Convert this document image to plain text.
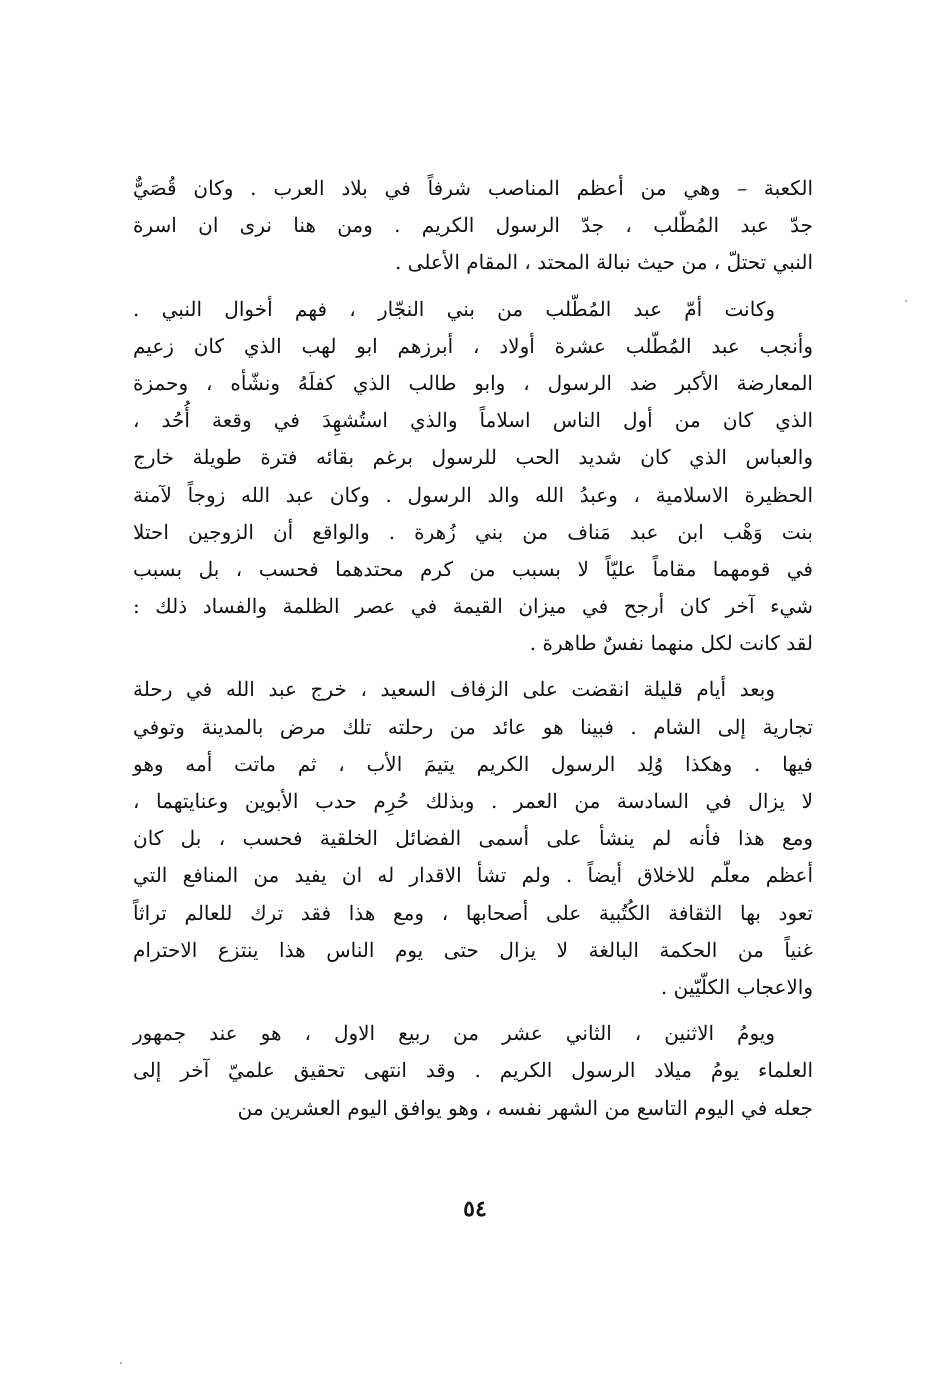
الكعبة – وهي من أعظم المناصب شرفاً في بلاد العرب . وكان قُصَيٌّ
جدّ عبد المُطّلب ، جدّ الرسول الكريم . ومن هنا نرى ان اسرة
النبي تحتلّ ، من حيث نبالة المحتد ، المقام الأعلى .
وكانت أمّ عبد المُطّلب من بني النجّار ، فهم أخوال النبي .
وأنجب عبد المُطّلب عشرة أولاد ، أبرزهم ابو لهب الذي كان زعيم
المعارضة الأكبر ضد الرسول ، وابو طالب الذي كفلَهُ ونشّأه ، وحمزة
الذي كان من أول الناس اسلاماً والذي استُشهِدَ في وقعة أُحُد ،
والعباس الذي كان شديد الحب للرسول برغم بقائه فترة طويلة خارج
الحظيرة الاسلامية ، وعبدُ الله والد الرسول . وكان عبد الله زوجاً لآمنة
بنت وَهْب ابن عبد مَناف من بني زُهرة . والواقع أن الزوجين احتلا
في قومهما مقاماً عليّاً لا بسبب من كرم محتدهما فحسب ، بل بسبب
شيء آخر كان أرجح في ميزان القيمة في عصر الظلمة والفساد ذلك :
لقد كانت لكل منهما نفسٌ طاهرة .
وبعد أيام قليلة انقضت على الزفاف السعيد ، خرج عبد الله في رحلة
تجارية إلى الشام . فبينا هو عائد من رحلته تلك مرض بالمدينة وتوفي
فيها . وهكذا وُلِد الرسول الكريم يتيمَ الأب ، ثم ماتت أمه وهو
لا يزال في السادسة من العمر . وبذلك حُرِم حدب الأبوين وعنايتهما ،
ومع هذا فأنه لم ينشأ على أسمى الفضائل الخلقية فحسب ، بل كان
أعظم معلّم للاخلاق أيضاً . ولم تشأ الاقدار له ان يفيد من المنافع التي
تعود بها الثقافة الكُتُبية على أصحابها ، ومع هذا فقد ترك للعالم تراثاً
غنياً من الحكمة البالغة لا يزال حتى يوم الناس هذا ينتزع الاحترام
والاعجاب الكلّيّين .
ويومُ الاثنين ، الثاني عشر من ربيع الاول ، هو عند جمهور
العلماء يومُ ميلاد الرسول الكريم . وقد انتهى تحقيق علميّ آخر إلى
جعله في اليوم التاسع من الشهر نفسه ، وهو يوافق اليوم العشرين من
٥٤
